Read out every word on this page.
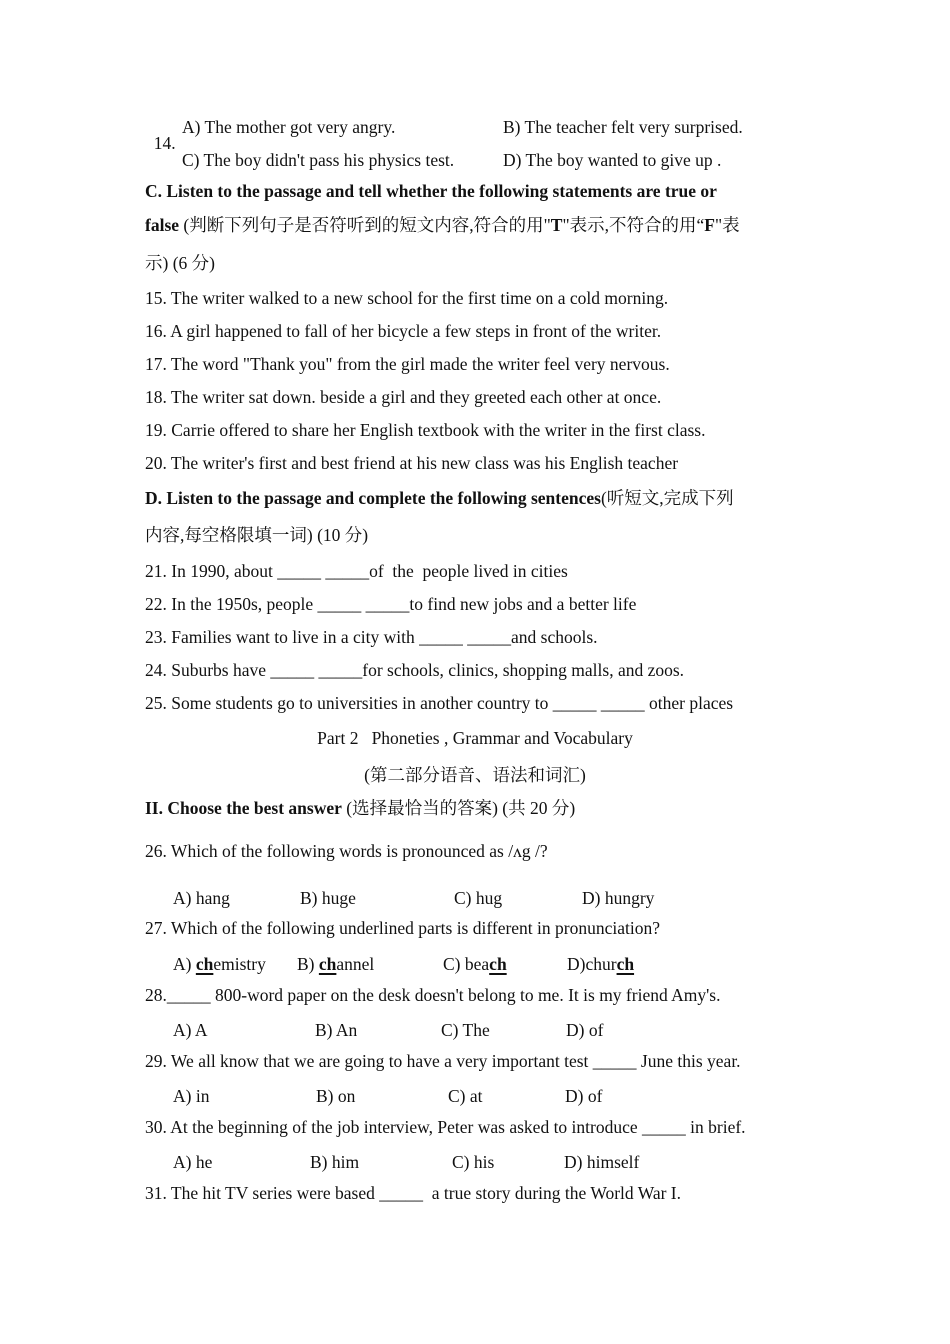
14.

A) The mother got very angry.	B) The teacher felt very surprised.
C) The boy didn't pass his physics test.	D) The boy wanted to give up .
C. Listen to the passage and tell whether the following statements are true or
false (判断下列句子是否符听到的短文内容,符合的用"T"表示,不符合的用“F"表
示) (6 分)
15. The writer walked to a new school for the first time on a cold morning.
16. A girl happened to fall of her bicycle a few steps in front of the writer.
17. The word "Thank you" from the girl made the writer feel very nervous.
18. The writer sat down. beside a girl and they greeted each other at once.
19. Carrie offered to share her English textbook with the writer in the first class.
20. The writer's first and best friend at his new class was his English teacher
D. Listen to the passage and complete the following sentences(听短文,完成下列
内容,每空格限填一词) (10 分)
21. In 1990, about _____ _____of  the  people lived in cities
22. In the 1950s, people _____ _____to find new jobs and a better life
23. Families want to live in a city with _____ _____and schools.
24. Suburbs have _____ _____for schools, clinics, shopping malls, and zoos.
25. Some students go to universities in another country to _____ _____ other places
Part 2   Phoneties , Grammar and Vocabulary
(第二部分语音、语法和词汇)
II. Choose the best answer (选择最恰当的答案) (共 20 分)
26. Which of the following words is pronounced as /ʌg /?
A) hang	B) huge	C) hug	D) hungry
27. Which of the following underlined parts is different in pronunciation?
A) chemistry B) channel	C) beach	D)church
28._____ 800-word paper on the desk doesn't belong to me. It is my friend Amy's.
A) A	B) An	C) The	D) of
29. We all know that we are going to have a very important test _____ June this year.
A) in	B) on	C) at	D) of
30. At the beginning of the job interview, Peter was asked to introduce _____ in brief.
A) he	B) him	C) his	D) himself
31. The hit TV series were based _____  a true story during the World War I.
